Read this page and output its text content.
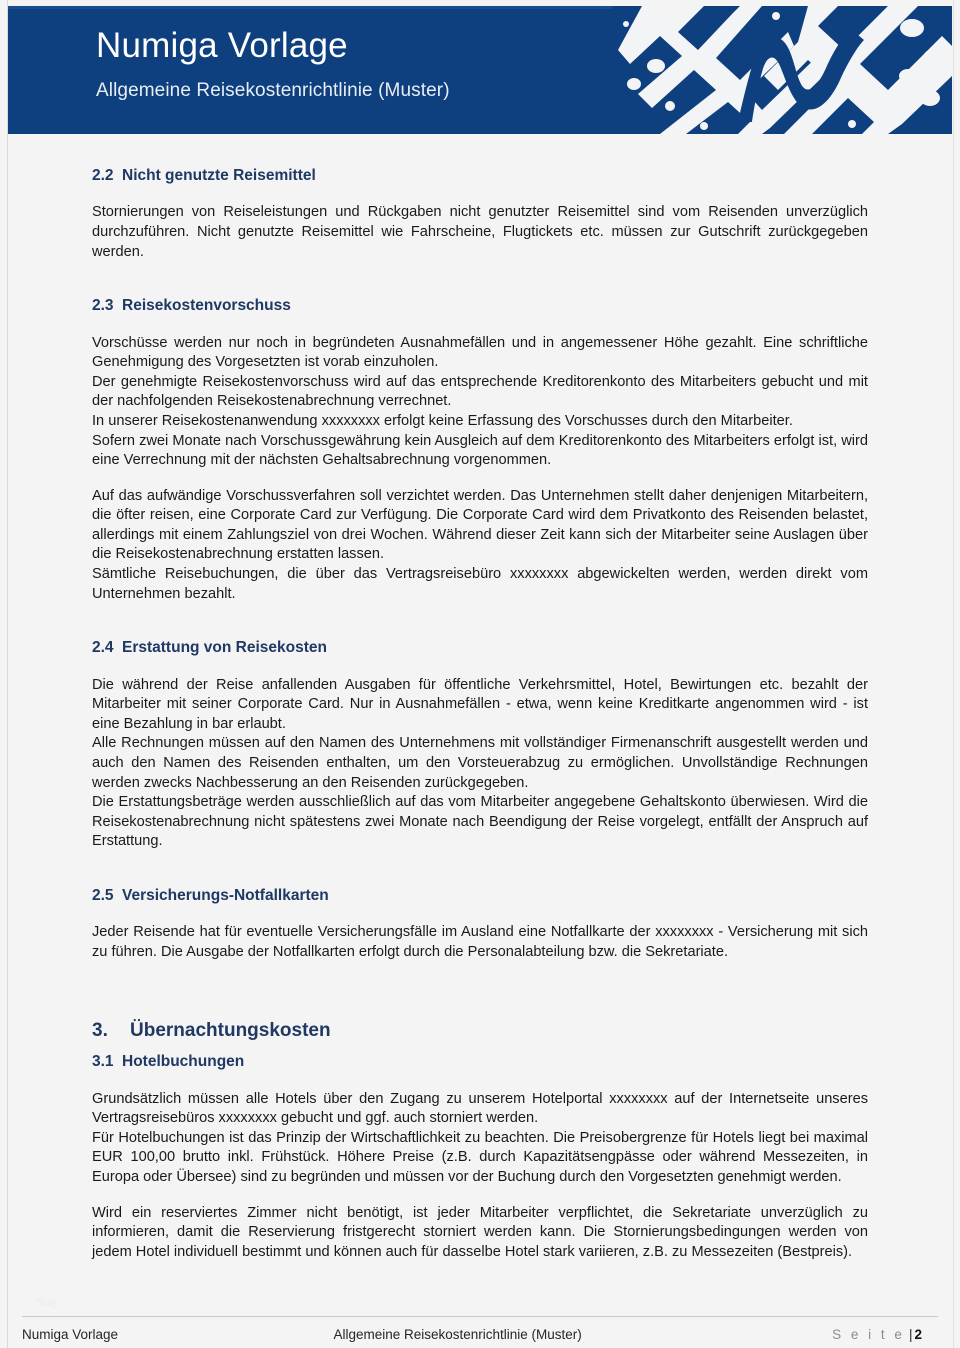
Numiga Vorlage
Allgemeine Reisekostenrichtlinie (Muster)
2.2 Nicht genutzte Reisemittel

Stornierungen von Reiseleistungen und Rückgaben nicht genutzter Reisemittel sind vom Reisenden unverzüglich durchzuführen. Nicht genutzte Reisemittel wie Fahrscheine, Flugtickets etc. müssen zur Gutschrift zurückgegeben werden.

2.3 Reisekostenvorschuss

Vorschüsse werden nur noch in begründeten Ausnahmefällen und in angemessener Höhe gezahlt. Eine schriftliche Genehmigung des Vorgesetzten ist vorab einzuholen.

Der genehmigte Reisekostenvorschuss wird auf das entsprechende Kreditorenkonto des Mitarbeiters gebucht und mit der nachfolgenden Reisekostenabrechnung verrechnet.

In unserer Reisekostenanwendung xxxxxxxx erfolgt keine Erfassung des Vorschusses durch den Mitarbeiter.

Sofern zwei Monate nach Vorschussgewährung kein Ausgleich auf dem Kreditorenkonto des Mitarbeiters erfolgt ist, wird eine Verrechnung mit der nächsten Gehaltsabrechnung vorgenommen.

Auf das aufwändige Vorschussverfahren soll verzichtet werden. Das Unternehmen stellt daher denjenigen Mitarbeitern, die öfter reisen, eine Corporate Card zur Verfügung. Die Corporate Card wird dem Privatkonto des Reisenden belastet, allerdings mit einem Zahlungsziel von drei Wochen. Während dieser Zeit kann sich der Mitarbeiter seine Auslagen über die Reisekostenabrechnung erstatten lassen.

Sämtliche Reisebuchungen, die über das Vertragsreisebüro xxxxxxxx abgewickelten werden, werden direkt vom Unternehmen bezahlt.

2.4 Erstattung von Reisekosten

Die während der Reise anfallenden Ausgaben für öffentliche Verkehrsmittel, Hotel, Bewirtungen etc. bezahlt der Mitarbeiter mit seiner Corporate Card. Nur in Ausnahmefällen - etwa, wenn keine Kreditkarte angenommen wird - ist eine Bezahlung in bar erlaubt.

Alle Rechnungen müssen auf den Namen des Unternehmens mit vollständiger Firmenanschrift ausgestellt werden und auch den Namen des Reisenden enthalten, um den Vorsteuerabzug zu ermöglichen. Unvollständige Rechnungen werden zwecks Nachbesserung an den Reisenden zurückgegeben.

Die Erstattungsbeträge werden ausschließlich auf das vom Mitarbeiter angegebene Gehaltskonto überwiesen. Wird die Reisekostenabrechnung nicht spätestens zwei Monate nach Beendigung der Reise vorgelegt, entfällt der Anspruch auf Erstattung.

2.5 Versicherungs-Notfallkarten

Jeder Reisende hat für eventuelle Versicherungsfälle im Ausland eine Notfallkarte der xxxxxxxx - Versicherung mit sich zu führen. Die Ausgabe der Notfallkarten erfolgt durch die Personalabteilung bzw. die Sekretariate.

3. Übernachtungskosten
3.1 Hotelbuchungen

Grundsätzlich müssen alle Hotels über den Zugang zu unserem Hotelportal xxxxxxxx auf der Internetseite unseres Vertragsreisebüros xxxxxxxx gebucht und ggf. auch storniert werden.

Für Hotelbuchungen ist das Prinzip der Wirtschaftlichkeit zu beachten. Die Preisobergrenze für Hotels liegt bei maximal EUR 100,00 brutto inkl. Frühstück. Höhere Preise (z.B. durch Kapazitätsengpässe oder während Messezeiten, in Europa oder Übersee) sind zu begründen und müssen vor der Buchung durch den Vorgesetzten genehmigt werden.

Wird ein reserviertes Zimmer nicht benötigt, ist jeder Mitarbeiter verpflichtet, die Sekretariate unverzüglich zu informieren, damit die Reservierung fristgerecht storniert werden kann. Die Stornierungsbedingungen werden von jedem Hotel individuell bestimmt und können auch für dasselbe Hotel stark variieren, z.B. zu Messezeiten (Bestpreis).

Nog
Numiga Vorlage	Allgemeine Reisekostenrichtlinie (Muster)	S e i t e | 2
